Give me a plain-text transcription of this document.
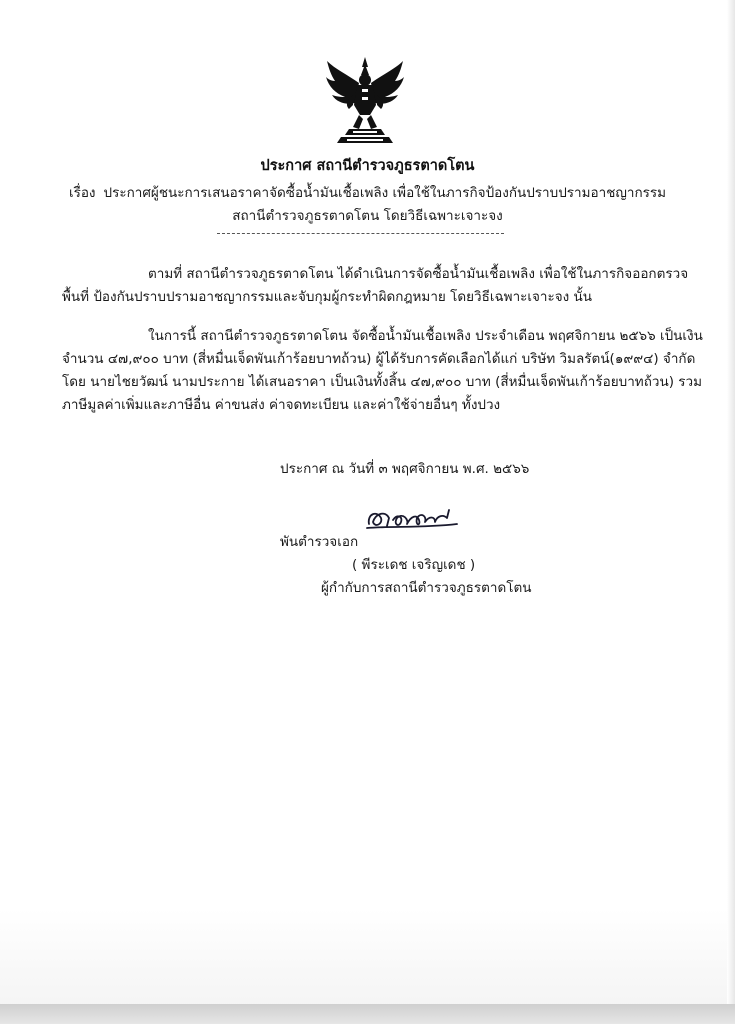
ประกาศ สถานีตำรวจภูธรตาดโตน
เรื่อง ประกาศผู้ชนะการเสนอราคาจัดซื้อน้ำมันเชื้อเพลิง เพื่อใช้ในภารกิจป้องกันปราบปรามอาชญากรรม
สถานีตำรวจภูธรตาดโตน โดยวิธีเฉพาะเจาะจง
ตามที่ สถานีตำรวจภูธรตาดโตน ได้ดำเนินการจัดซื้อน้ำมันเชื้อเพลิง เพื่อใช้ในภารกิจออกตรวจ
พื้นที่ ป้องกันปราบปรามอาชญากรรมและจับกุมผู้กระทำผิดกฎหมาย โดยวิธีเฉพาะเจาะจง นั้น
ในการนี้ สถานีตำรวจภูธรตาดโตน จัดซื้อน้ำมันเชื้อเพลิง ประจำเดือน พฤศจิกายน ๒๕๖๖ เป็นเงิน
จำนวน ๔๗,๙๐๐ บาท (สี่หมื่นเจ็ดพันเก้าร้อยบาทถ้วน) ผู้ได้รับการคัดเลือกได้แก่ บริษัท วิมลรัตน์(๑๙๙๔) จำกัด
โดย นายไชยวัฒน์ นามประกาย ได้เสนอราคา เป็นเงินทั้งสิ้น ๔๗,๙๐๐ บาท (สี่หมื่นเจ็ดพันเก้าร้อยบาทถ้วน) รวม
ภาษีมูลค่าเพิ่มและภาษีอื่น ค่าขนส่ง ค่าจดทะเบียน และค่าใช้จ่ายอื่นๆ ทั้งปวง
ประกาศ ณ วันที่ ๓ พฤศจิกายน พ.ศ. ๒๕๖๖
พันตำรวจเอก
( พีระเดช เจริญเดช )
ผู้กำกับการสถานีตำรวจภูธรตาดโตน
